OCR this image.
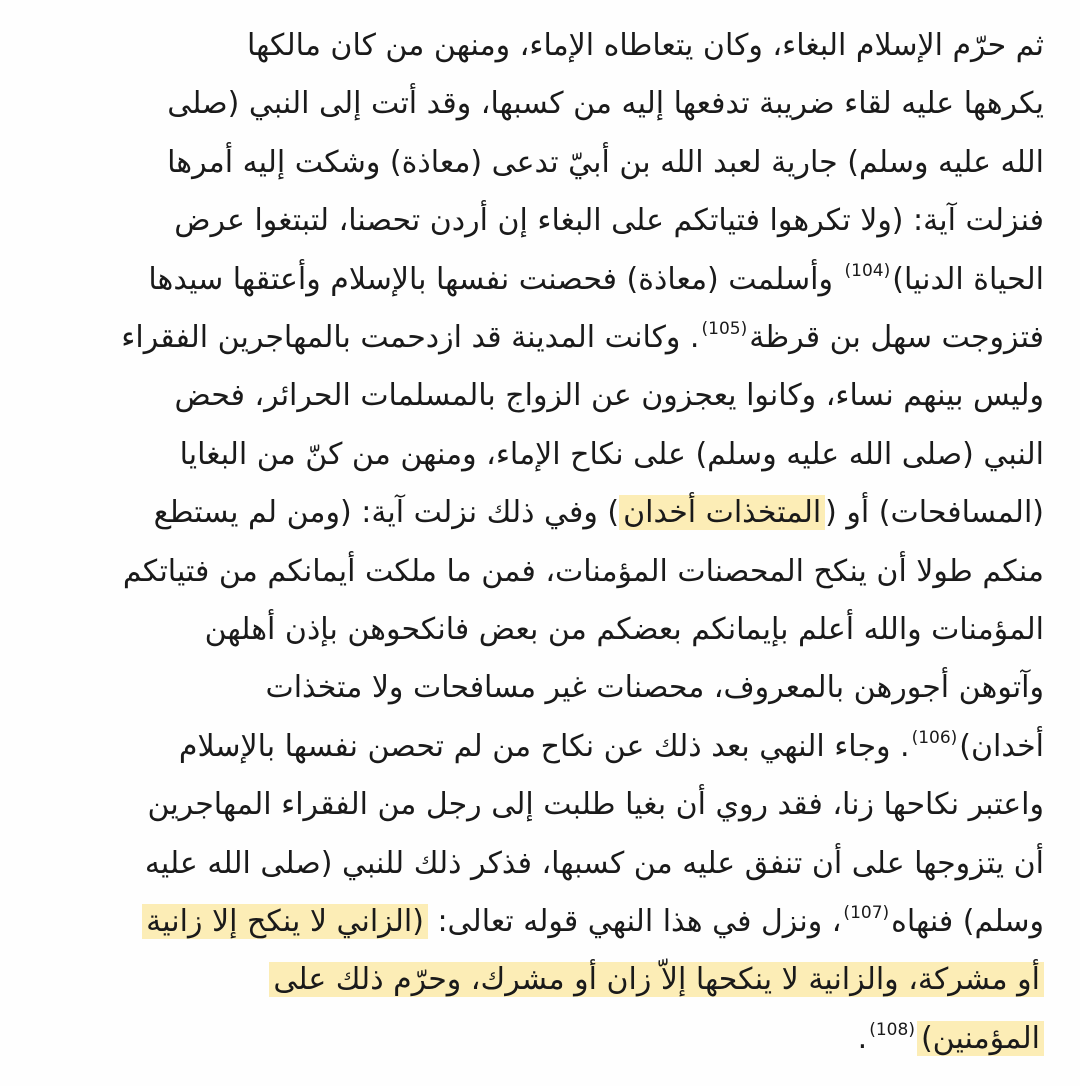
ثم حرّم الإسلام البغاء، وكان يتعاطاه الإماء، ومنهن من كان مالكها
يكرهها عليه لقاء ضريبة تدفعها إليه من كسبها، وقد أتت إلى النبي (صلى
الله عليه وسلم) جارية لعبد الله بن أبيّ تدعى (معاذة) وشكت إليه أمرها
فنزلت آية: (ولا تكرهوا فتياتكم على البغاء إن أردن تحصنا، لتبتغوا عرض
الحياة الدنيا)$^{(104)}$ وأسلمت (معاذة) فحصنت نفسها بالإسلام وأعتقها سيدها
فتزوجت سهل بن قرظة$^{(105)}$. وكانت المدينة قد ازدحمت بالمهاجرين الفقراء
وليس بينهم نساء، وكانوا يعجزون عن الزواج بالمسلمات الحرائر، فحض
النبي (صلى الله عليه وسلم) على نكاح الإماء، ومنهن من كنّ من البغايا
(المسافحات) أو (المتخذات أخدان) وفي ذلك نزلت آية: (ومن لم يستطع
منكم طولا أن ينكح المحصنات المؤمنات، فمن ما ملكت أيمانكم من فتياتكم
المؤمنات والله أعلم بإيمانكم بعضكم من بعض فانكحوهن بإذن أهلهن
وآتوهن أجورهن بالمعروف، محصنات غير مسافحات ولا متخذات
أخدان)$^{(106)}$. وجاء النهي بعد ذلك عن نكاح من لم تحصن نفسها بالإسلام
واعتبر نكاحها زنا، فقد روي أن بغيا طلبت إلى رجل من الفقراء المهاجرين
أن يتزوجها على أن تنفق عليه من كسبها، فذكر ذلك للنبي (صلى الله عليه
وسلم) فنهاه$^{(107)}$، ونزل في هذا النهي قوله تعالى: (الزاني لا ينكح إلا زانية
أو مشركة، والزانية لا ينكحها إلاّ زان أو مشرك، وحرّم ذلك على
المؤمنين)$^{(108)}$.
